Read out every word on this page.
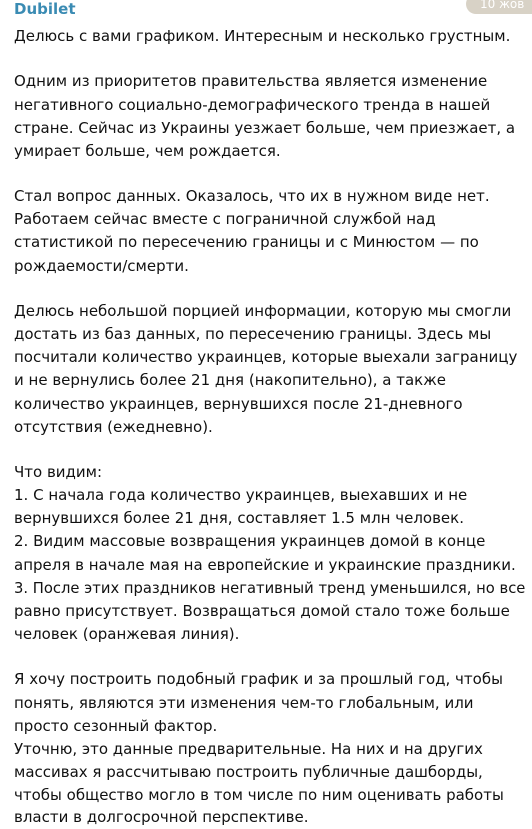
Dubilet	10 жов
Делюсь с вами графиком. Интересным и несколько грустным.
Одним из приоритетов правительства является изменение
негативного социально-демографического тренда в нашей
стране. Сейчас из Украины уезжает больше, чем приезжает, а
умирает больше, чем рождается.
Стал вопрос данных. Оказалось, что их в нужном виде нет.
Работаем сейчас вместе с пограничной службой над
статистикой по пересечению границы и с Минюстом — по
рождаемости/смерти.
Делюсь небольшой порцией информации, которую мы смогли
достать из баз данных, по пересечению границы. Здесь мы
посчитали количество украинцев, которые выехали заграницу
и не вернулись более 21 дня (накопительно), а также
количество украинцев, вернувшихся после 21-дневного
отсутствия (ежедневно).
Что видим:
1. С начала года количество украинцев, выехавших и не
вернувшихся более 21 дня, составляет 1.5 млн человек.
2. Видим массовые возвращения украинцев домой в конце
апреля в начале мая на европейские и украинские праздники.
3. После этих праздников негативный тренд уменьшился, но все
равно присутствует. Возвращаться домой стало тоже больше
человек (оранжевая линия).
Я хочу построить подобный график и за прошлый год, чтобы
понять, являются эти изменения чем-то глобальным, или
просто сезонный фактор.
Уточню, это данные предварительные. На них и на других
массивах я рассчитываю построить публичные дашборды,
чтобы общество могло в том числе по ним оценивать работы
власти в долгосрочной перспективе.
